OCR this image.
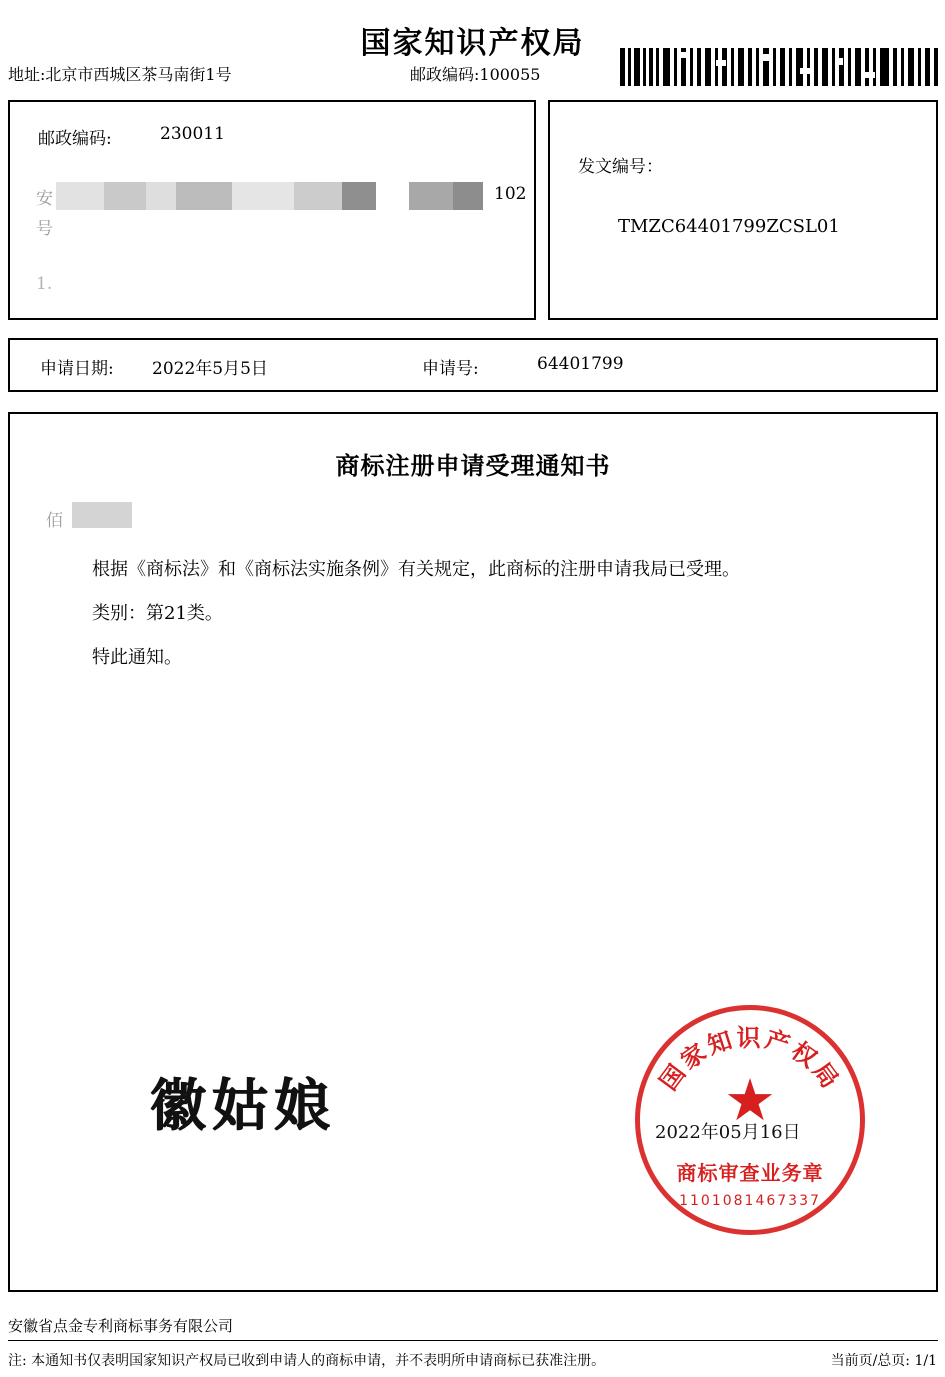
国家知识产权局
地址:北京市西城区茶马南街1号	邮政编码:100055
邮政编码:	230011
安	102
号
1.
发文编号：
TMZC64401799ZCSL01
申请日期: 2022年5月5日	申请号:	64401799
商标注册申请受理通知书
佰
根据《商标法》和《商标法实施条例》有关规定，此商标的注册申请我局已受理。
类别：第21类。
特此通知。
徽姑娘	国家知识产权局
★
商标审查业务章
1101081467337
2022年05月16日
安徽省点金专利商标事务有限公司
注: 本通知书仅表明国家知识产权局已收到申请人的商标申请，并不表明所申请商标已获准注册。	当前页/总页: 1/1
